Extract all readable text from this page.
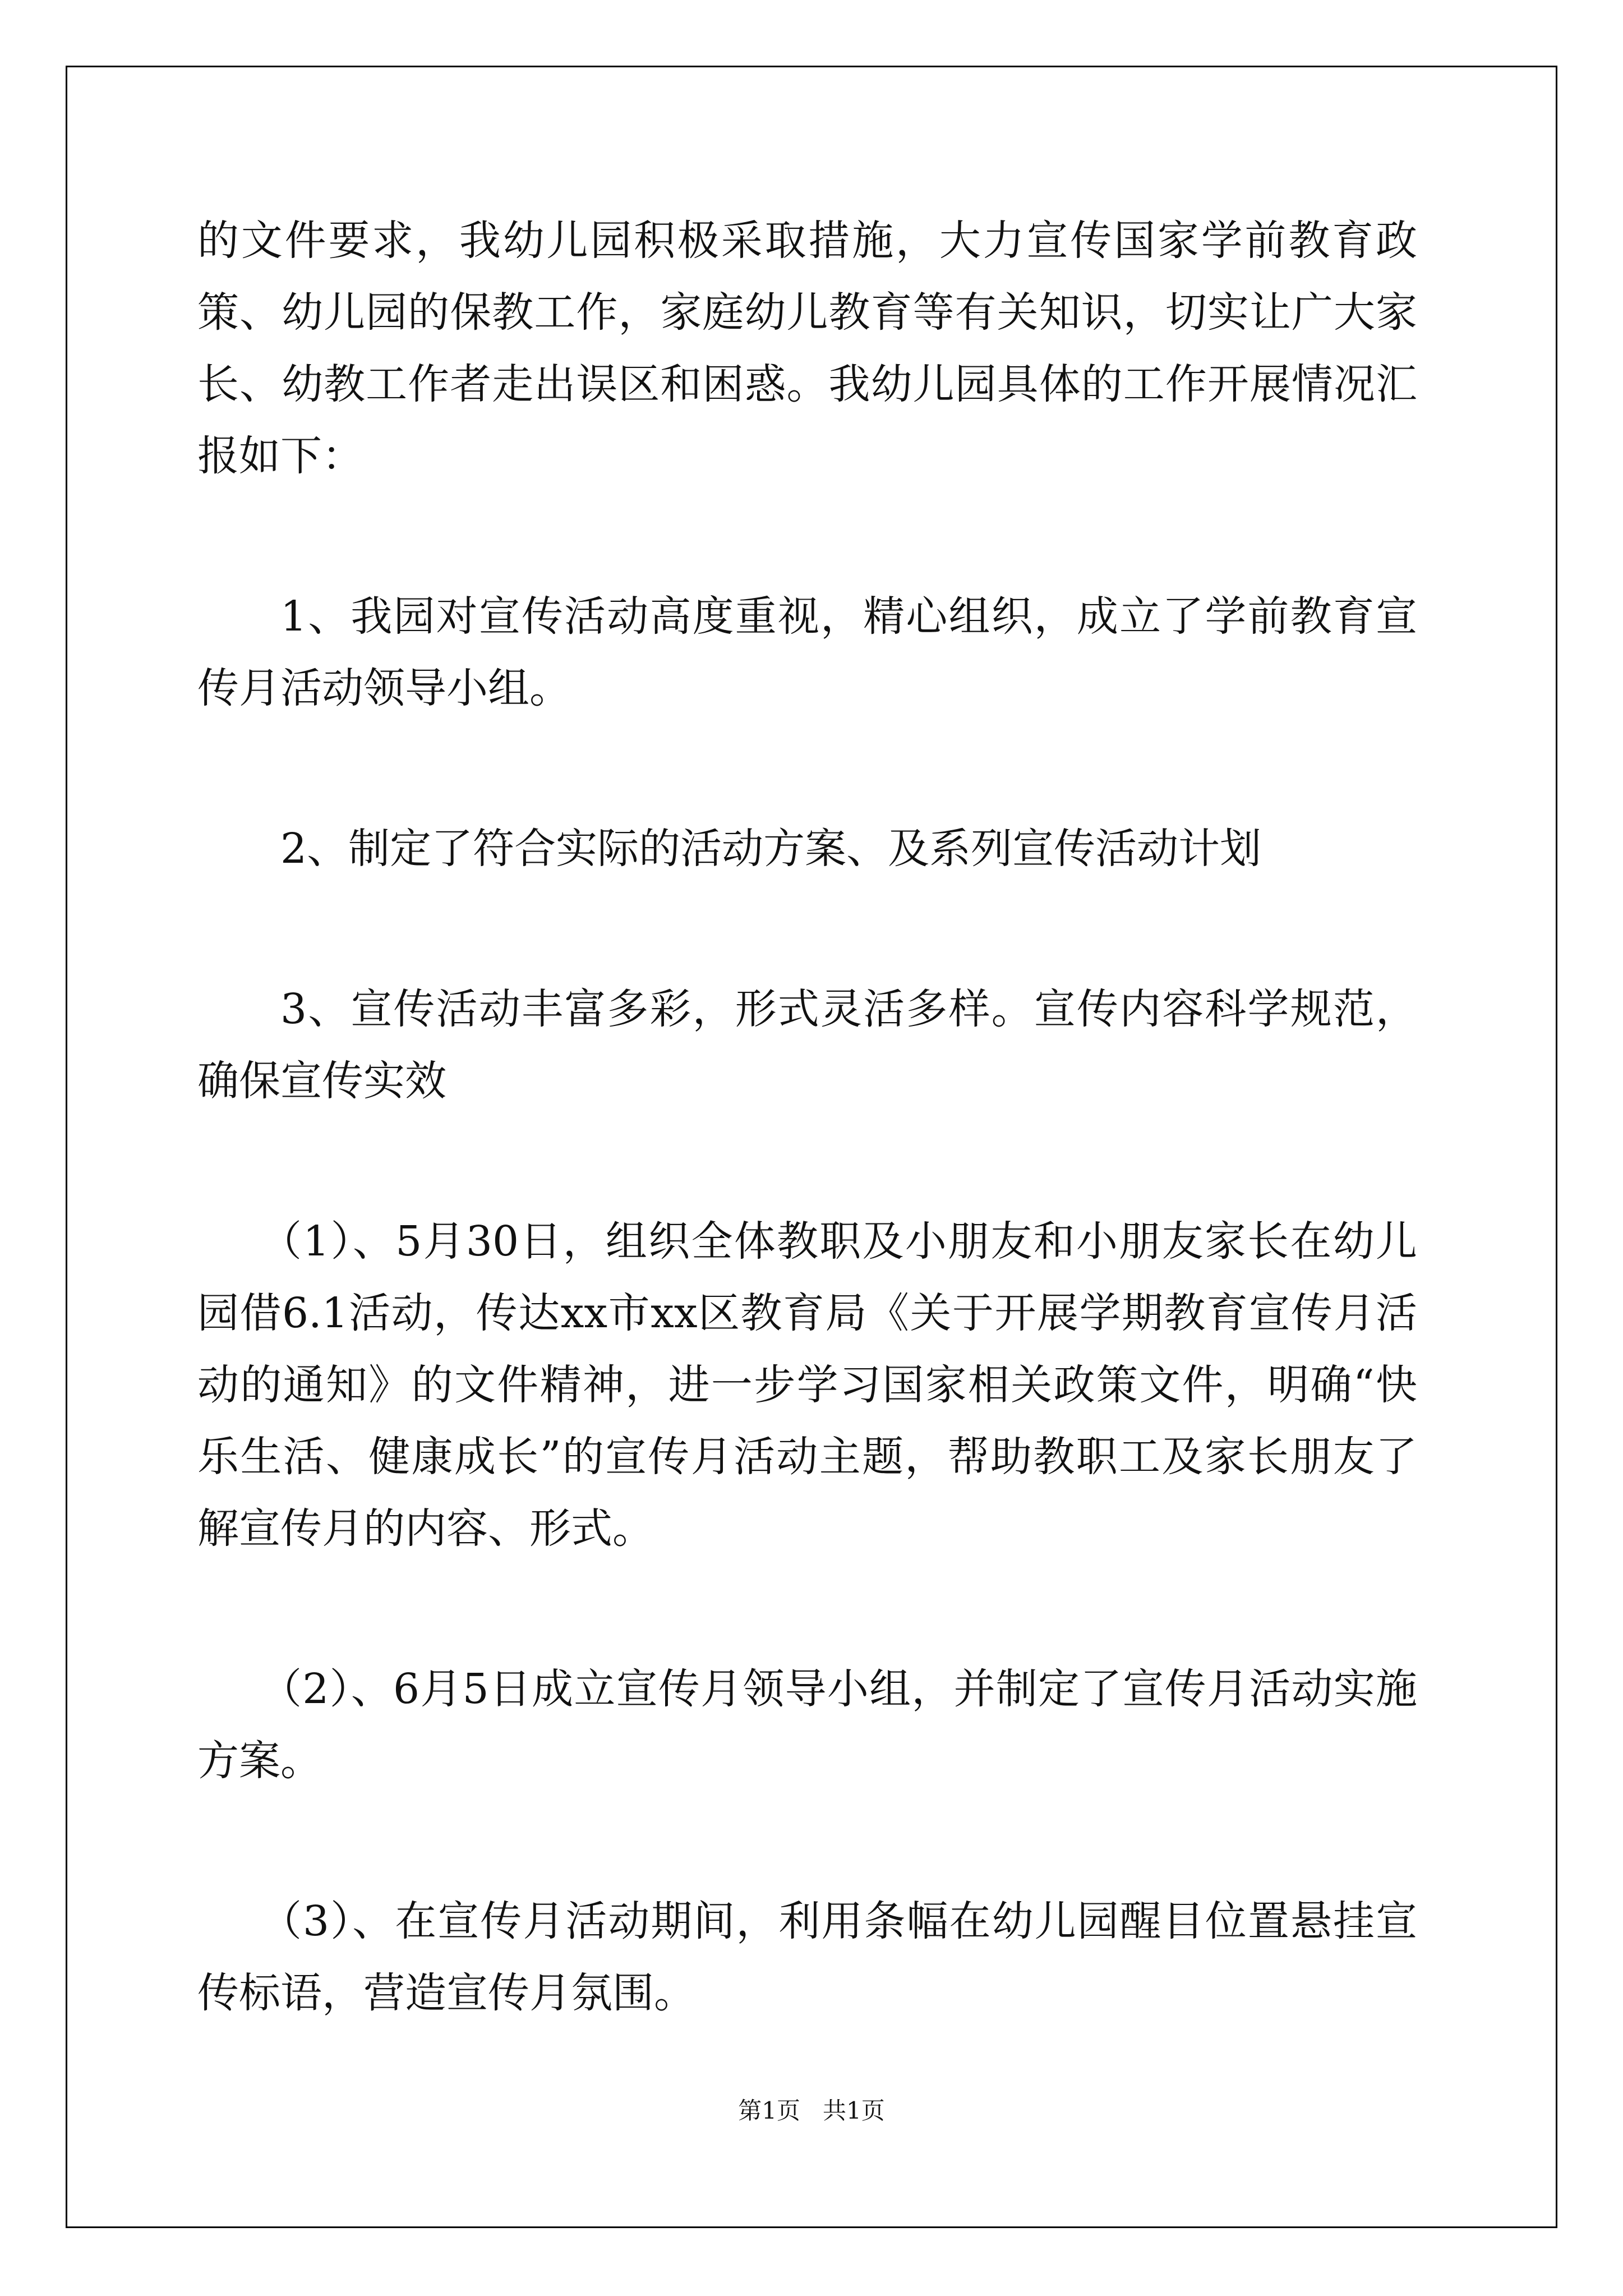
的文件要求，我幼儿园积极采取措施，大力宣传国家学前教育政策、幼儿园的保教工作，家庭幼儿教育等有关知识，切实让广大家长、幼教工作者走出误区和困惑。我幼儿园具体的工作开展情况汇报如下：

1、我园对宣传活动高度重视，精心组织，成立了学前教育宣传月活动领导小组。

2、制定了符合实际的活动方案、及系列宣传活动计划

3、宣传活动丰富多彩，形式灵活多样。宣传内容科学规范，确保宣传实效

（1）、5月30日，组织全体教职及小朋友和小朋友家长在幼儿园借6.1活动，传达xx市xx区教育局《关于开展学期教育宣传月活动的通知》的文件精神，进一步学习国家相关政策文件，明确“快乐生活、健康成长”的宣传月活动主题，帮助教职工及家长朋友了解宣传月的内容、形式。

（2）、6月5日成立宣传月领导小组，并制定了宣传月活动实施方案。

（3）、在宣传月活动期间，利用条幅在幼儿园醒目位置悬挂宣传标语，营造宣传月氛围。

第1页   共1页
